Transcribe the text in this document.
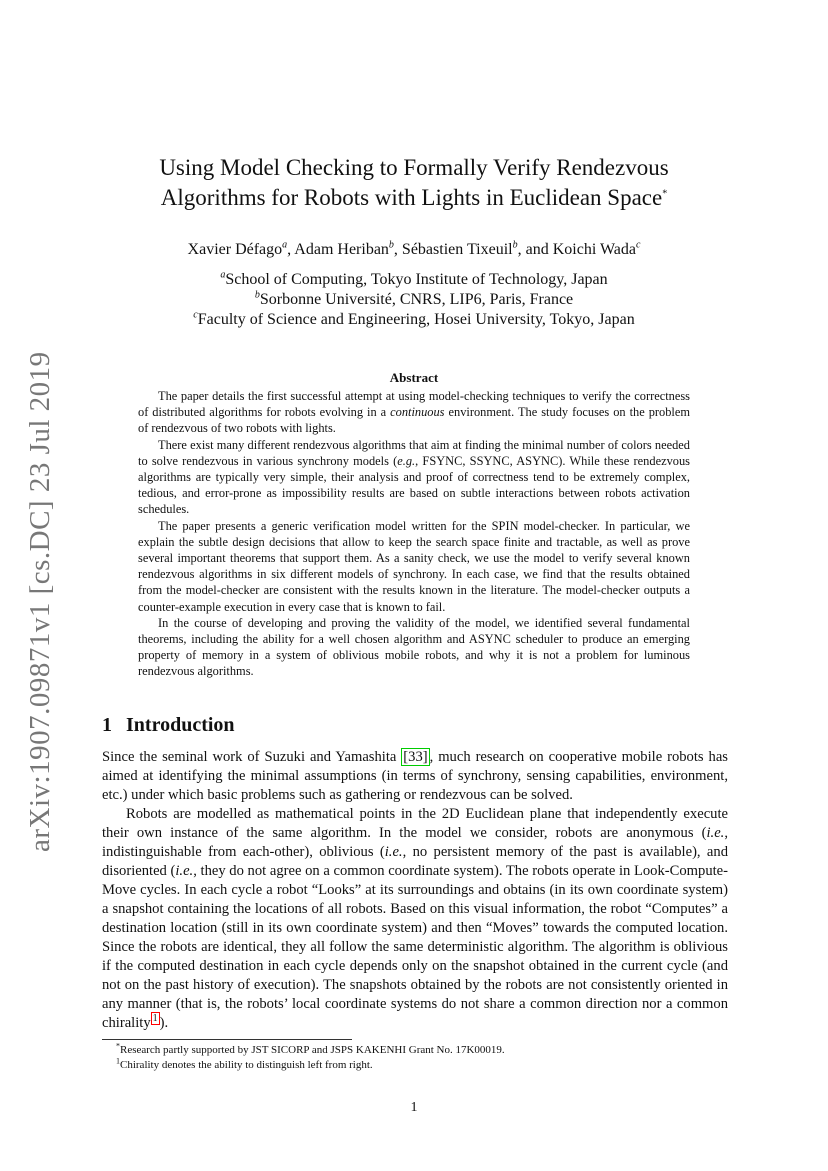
arXiv:1907.09871v1 [cs.DC] 23 Jul 2019
Using Model Checking to Formally Verify Rendezvous
Algorithms for Robots with Lights in Euclidean Space*
Xavier Défago$^a$, Adam Heriban$^b$, Sébastien Tixeuil$^b$, and Koichi Wada$^c$
$^a$School of Computing, Tokyo Institute of Technology, Japan
$^b$Sorbonne Université, CNRS, LIP6, Paris, France
$^c$Faculty of Science and Engineering, Hosei University, Tokyo, Japan
Abstract

The paper details the first successful attempt at using model-checking techniques to verify the correctness of distributed algorithms for robots evolving in a continuous environment. The study focuses on the problem of rendezvous of two robots with lights.

There exist many different rendezvous algorithms that aim at finding the minimal number of colors needed to solve rendezvous in various synchrony models (e.g., FSYNC, SSYNC, ASYNC). While these rendezvous algorithms are typically very simple, their analysis and proof of correctness tend to be extremely complex, tedious, and error-prone as impossibility results are based on subtle interactions between robots activation schedules.

The paper presents a generic verification model written for the SPIN model-checker. In particular, we explain the subtle design decisions that allow to keep the search space finite and tractable, as well as prove several important theorems that support them. As a sanity check, we use the model to verify several known rendezvous algorithms in six different models of synchrony. In each case, we find that the results obtained from the model-checker are consistent with the results known in the literature. The model-checker outputs a counter-example execution in every case that is known to fail.

In the course of developing and proving the validity of the model, we identified several fundamental theorems, including the ability for a well chosen algorithm and ASYNC scheduler to produce an emerging property of memory in a system of oblivious mobile robots, and why it is not a problem for luminous rendezvous algorithms.

1 Introduction

Since the seminal work of Suzuki and Yamashita [33] , much research on cooperative mobile robots has aimed at identifying the minimal assumptions (in terms of synchrony, sensing capabilities, environment, etc.) under which basic problems such as gathering or rendezvous can be solved.

Robots are modelled as mathematical points in the 2D Euclidean plane that independently execute their own instance of the same algorithm. In the model we consider, robots are anonymous (i.e., indistinguishable from each-other), oblivious (i.e., no persistent memory of the past is available), and disoriented (i.e., they do not agree on a common coordinate system). The robots operate in Look-Compute-Move cycles. In each cycle a robot “Looks” at its surroundings and obtains (in its own coordinate system) a snapshot containing the locations of all robots. Based on this visual information, the robot “Computes” a destination location (still in its own coordinate system) and then “Moves” towards the computed location. Since the robots are identical, they all follow the same deterministic algorithm. The algorithm is oblivious if the computed destination in each cycle depends only on the snapshot obtained in the current cycle (and not on the past history of execution). The snapshots obtained by the robots are not consistently oriented in any manner (that is, the robots’ local coordinate systems do not share a common direction nor a common chirality $^1$ ).

*Research partly supported by JST SICORP and JSPS KAKENHI Grant No. 17K00019.
$^1$Chirality denotes the ability to distinguish left from right.
1
